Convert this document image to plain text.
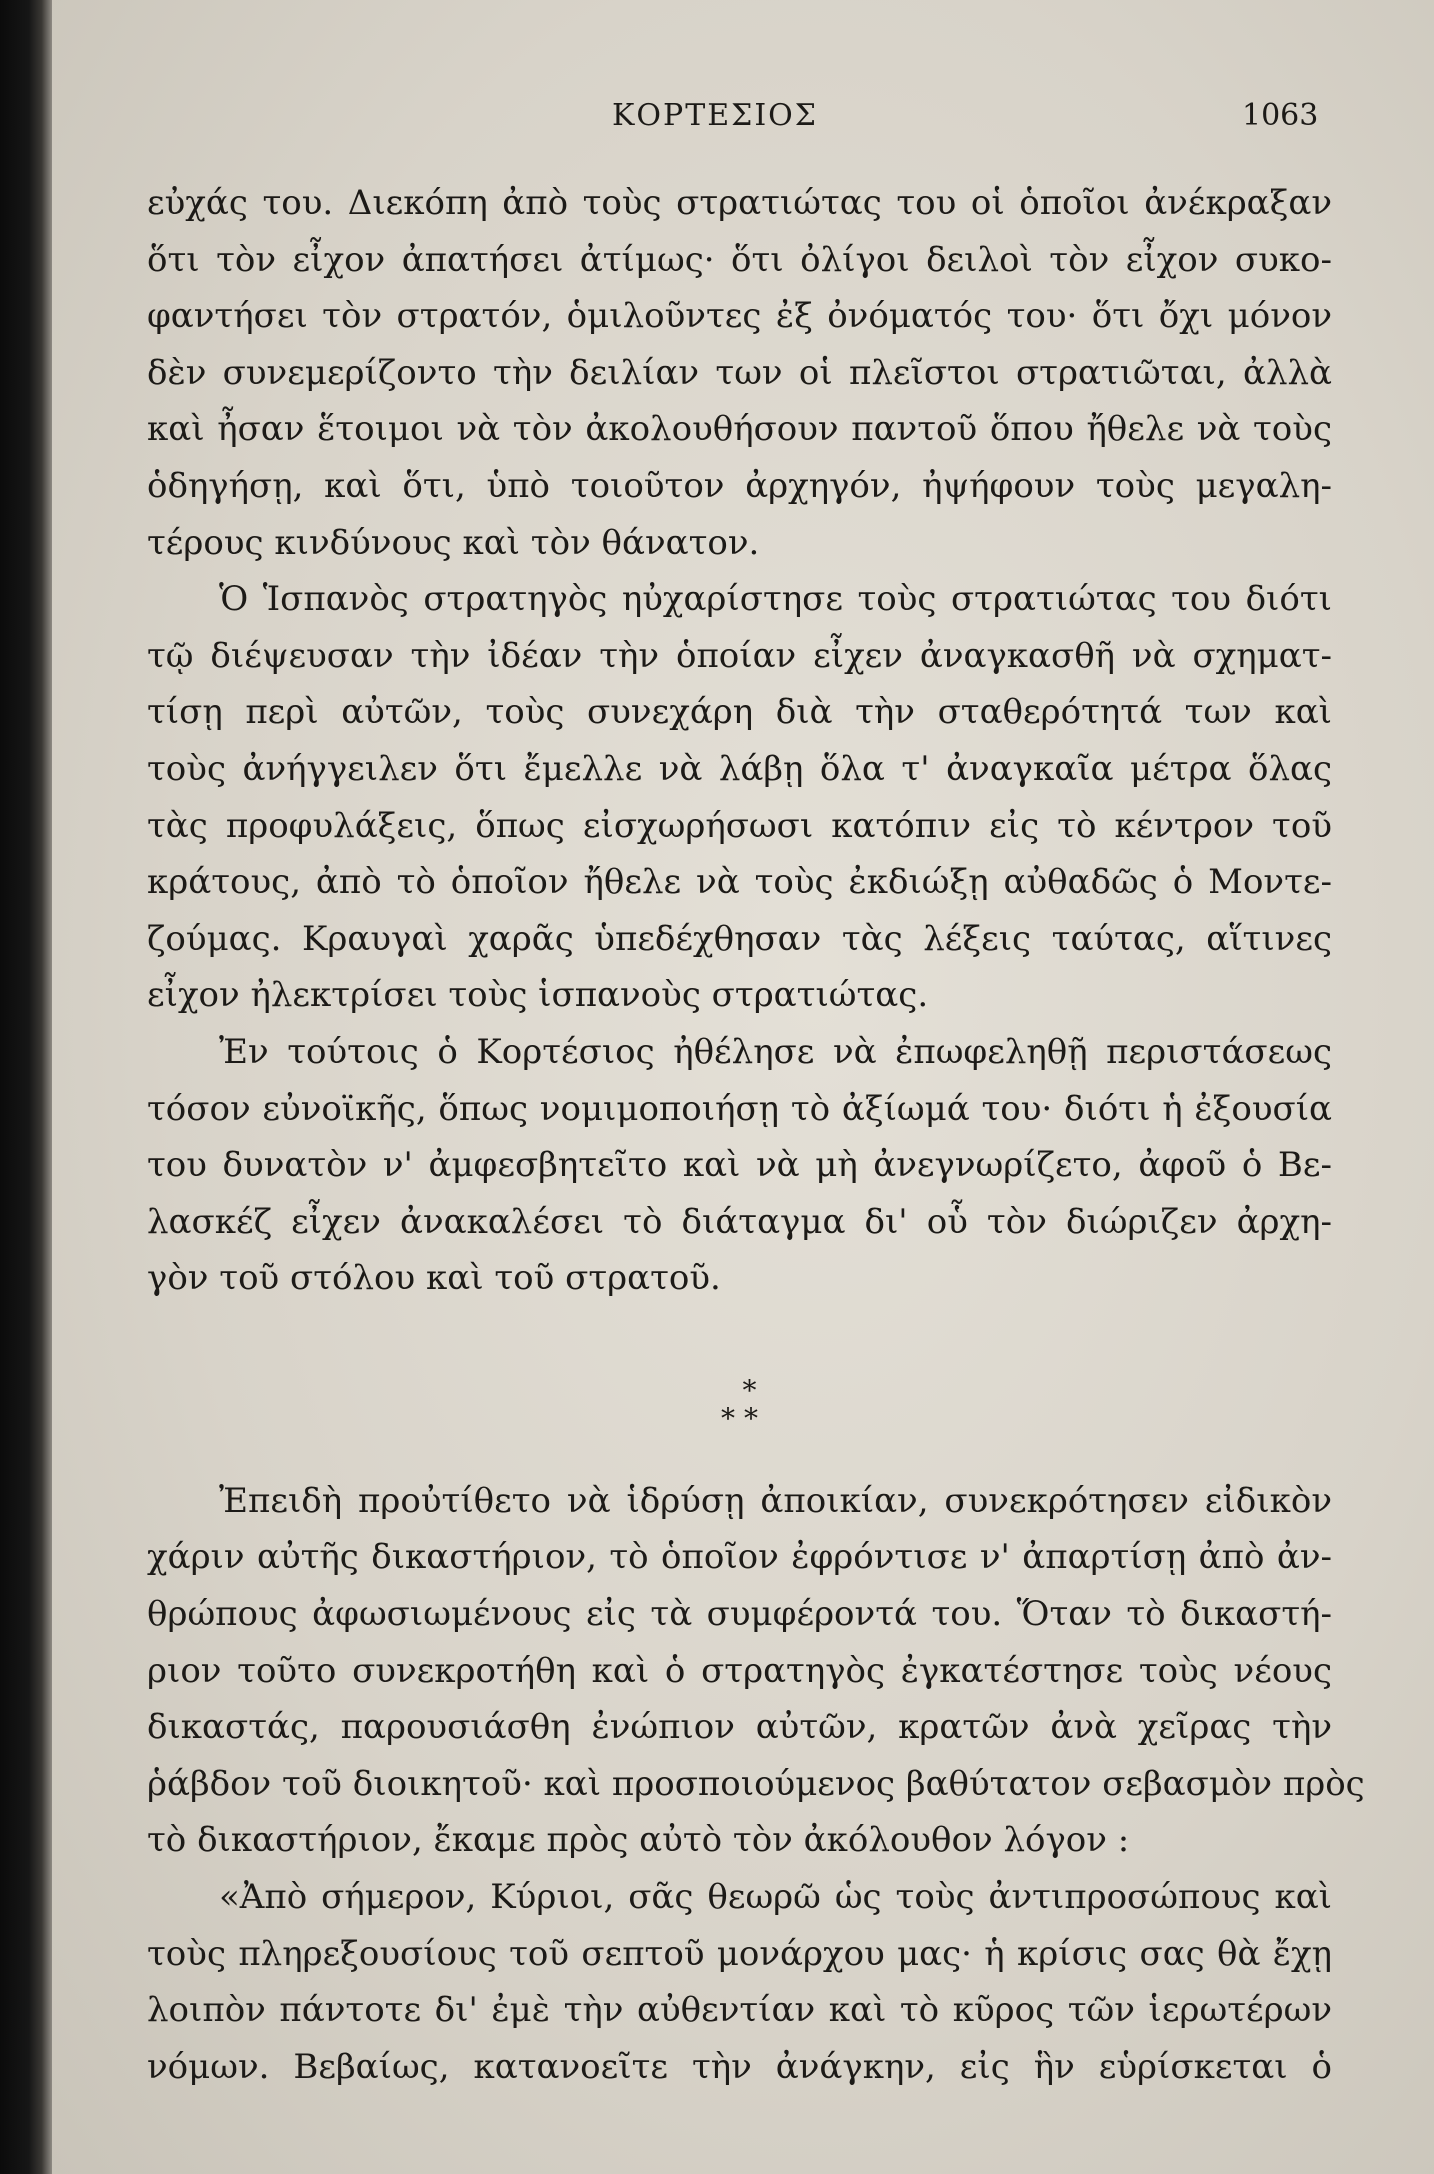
ΚΟΡΤΕΣΙΟΣ	1063

εὐχάς του. Διεκόπη ἀπὸ τοὺς στρατιώτας του οἱ ὁποῖοι ἀνέκραξαν

ὅτι τὸν εἶχον ἀπατήσει ἀτίμως· ὅτι ὀλίγοι δειλοὶ τὸν εἶχον συκο-

φαντήσει τὸν στρατόν, ὁμιλοῦντες ἐξ ὀνόματός του· ὅτι ὄχι μόνον

δὲν συνεμερίζοντο τὴν δειλίαν των οἱ πλεῖστοι στρατιῶται, ἀλλὰ

καὶ ἦσαν ἕτοιμοι νὰ τὸν ἀκολουθήσουν παντοῦ ὅπου ἤθελε νὰ τοὺς

ὁδηγήσῃ, καὶ ὅτι, ὑπὸ τοιοῦτον ἀρχηγόν, ἠψήφουν τοὺς μεγαλη-

τέρους κινδύνους καὶ τὸν θάνατον.

Ὁ Ἱσπανὸς στρατηγὸς ηὐχαρίστησε τοὺς στρατιώτας του διότι

τῷ διέψευσαν τὴν ἰδέαν τὴν ὁποίαν εἶχεν ἀναγκασθῆ νὰ σχηματ-

τίσῃ περὶ αὐτῶν, τοὺς συνεχάρη διὰ τὴν σταθερότητά των καὶ

τοὺς ἀνήγγειλεν ὅτι ἔμελλε νὰ λάβῃ ὅλα τ' ἀναγκαῖα μέτρα ὅλας

τὰς προφυλάξεις, ὅπως εἰσχωρήσωσι κατόπιν εἰς τὸ κέντρον τοῦ

κράτους, ἀπὸ τὸ ὁποῖον ἤθελε νὰ τοὺς ἐκδιώξῃ αὐθαδῶς ὁ Μοντε-

ζούμας. Κραυγαὶ χαρᾶς ὑπεδέχθησαν τὰς λέξεις ταύτας, αἵτινες

εἶχον ἠλεκτρίσει τοὺς ἱσπανοὺς στρατιώτας.

Ἐν τούτοις ὁ Κορτέσιος ἠθέλησε νὰ ἐπωφεληθῇ περιστάσεως

τόσον εὐνοϊκῆς, ὅπως νομιμοποιήσῃ τὸ ἀξίωμά του· διότι ἡ ἐξουσία

του δυνατὸν ν' ἀμφεσβητεῖτο καὶ νὰ μὴ ἀνεγνωρίζετο, ἀφοῦ ὁ Βε-

λασκέζ εἶχεν ἀνακαλέσει τὸ διάταγμα δι' οὗ τὸν διώριζεν ἀρχη-

γὸν τοῦ στόλου καὶ τοῦ στρατοῦ.

*
* *

Ἐπειδὴ προὐτίθετο νὰ ἱδρύσῃ ἀποικίαν, συνεκρότησεν εἰδικὸν

χάριν αὐτῆς δικαστήριον, τὸ ὁποῖον ἐφρόντισε ν' ἀπαρτίσῃ ἀπὸ ἀν-

θρώπους ἀφωσιωμένους εἰς τὰ συμφέροντά του. Ὅταν τὸ δικαστή-

ριον τοῦτο συνεκροτήθη καὶ ὁ στρατηγὸς ἐγκατέστησε τοὺς νέους

δικαστάς, παρουσιάσθη ἐνώπιον αὐτῶν, κρατῶν ἀνὰ χεῖρας τὴν

ῥάβδον τοῦ διοικητοῦ· καὶ προσποιούμενος βαθύτατον σεβασμὸν πρὸς

τὸ δικαστήριον, ἔκαμε πρὸς αὐτὸ τὸν ἀκόλουθον λόγον :

«Ἀπὸ σήμερον, Κύριοι, σᾶς θεωρῶ ὡς τοὺς ἀντιπροσώπους καὶ

τοὺς πληρεξουσίους τοῦ σεπτοῦ μονάρχου μας· ἡ κρίσις σας θὰ ἔχῃ

λοιπὸν πάντοτε δι' ἐμὲ τὴν αὐθεντίαν καὶ τὸ κῦρος τῶν ἱερωτέρων

νόμων. Βεβαίως, κατανοεῖτε τὴν ἀνάγκην, εἰς ἣν εὑρίσκεται ὁ
